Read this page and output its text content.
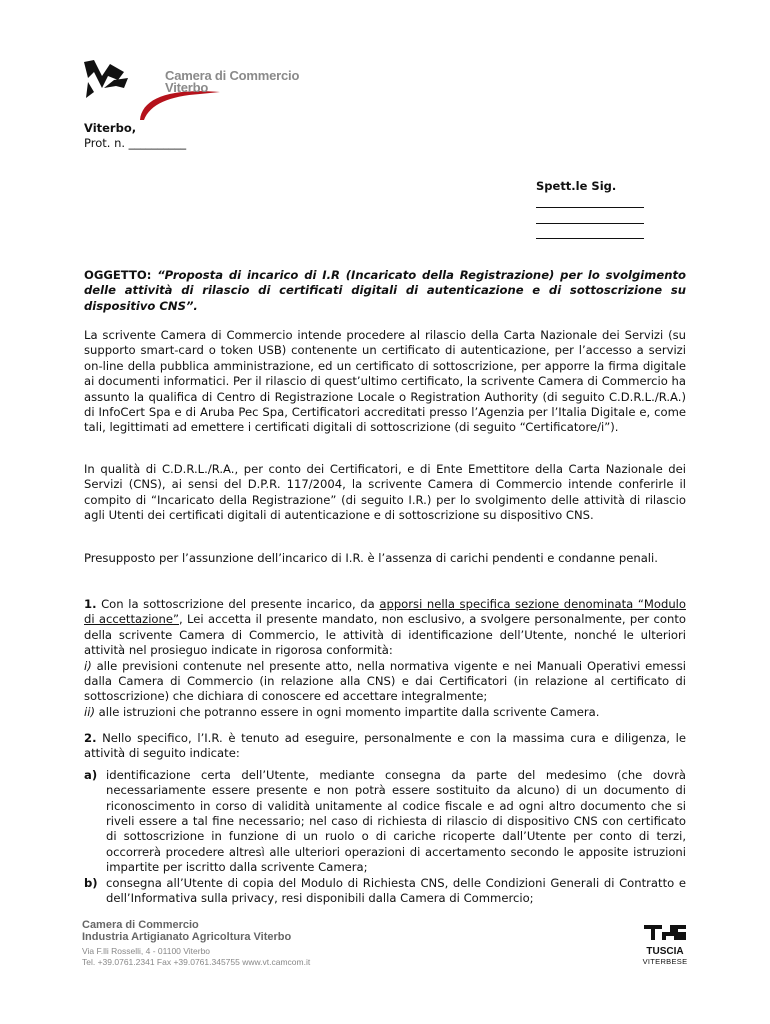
Camera di Commercio
Viterbo
Viterbo,
Prot. n. __________
Spett.le Sig.
OGGETTO: “Proposta di incarico di I.R (Incaricato della Registrazione) per lo svolgimento delle attività di rilascio di certificati digitali di autenticazione e di sottoscrizione su dispositivo CNS”.

La scrivente Camera di Commercio intende procedere al rilascio della Carta Nazionale dei Servizi (su supporto smart-card o token USB) contenente un certificato di autenticazione, per l’accesso a servizi on-line della pubblica amministrazione, ed un certificato di sottoscrizione, per apporre la firma digitale ai documenti informatici. Per il rilascio di quest’ultimo certificato, la scrivente Camera di Commercio ha assunto la qualifica di Centro di Registrazione Locale o Registration Authority (di seguito C.D.R.L./R.A.) di InfoCert Spa e di Aruba Pec Spa, Certificatori accreditati presso l’Agenzia per l’Italia Digitale e, come tali, legittimati ad emettere i certificati digitali di sottoscrizione (di seguito “Certificatore/i”).

In qualità di C.D.R.L./R.A., per conto dei Certificatori, e di Ente Emettitore della Carta Nazionale dei Servizi (CNS), ai sensi del D.P.R. 117/2004, la scrivente Camera di Commercio intende conferirle il compito di “Incaricato della Registrazione” (di seguito I.R.) per lo svolgimento delle attività di rilascio agli Utenti dei certificati digitali di autenticazione e di sottoscrizione su dispositivo CNS.

Presupposto per l’assunzione dell’incarico di I.R. è l’assenza di carichi pendenti e condanne penali.

1. Con la sottoscrizione del presente incarico, da apporsi nella specifica sezione denominata “Modulo di accettazione”, Lei accetta il presente mandato, non esclusivo, a svolgere personalmente, per conto della scrivente Camera di Commercio, le attività di identificazione dell’Utente, nonché le ulteriori attività nel prosieguo indicate in rigorosa conformità:

i) alle previsioni contenute nel presente atto, nella normativa vigente e nei Manuali Operativi emessi dalla Camera di Commercio (in relazione alla CNS) e dai Certificatori (in relazione al certificato di sottoscrizione) che dichiara di conoscere ed accettare integralmente;

ii) alle istruzioni che potranno essere in ogni momento impartite dalla scrivente Camera.

2. Nello specifico, l’I.R. è tenuto ad eseguire, personalmente e con la massima cura e diligenza, le attività di seguito indicate:

a) identificazione certa dell’Utente, mediante consegna da parte del medesimo (che dovrà necessariamente essere presente e non potrà essere sostituito da alcuno) di un documento di riconoscimento in corso di validità unitamente al codice fiscale e ad ogni altro documento che si riveli essere a tal fine necessario; nel caso di richiesta di rilascio di dispositivo CNS con certificato di sottoscrizione in funzione di un ruolo o di cariche ricoperte dall’Utente per conto di terzi, occorrerà procedere altresì alle ulteriori operazioni di accertamento secondo le apposite istruzioni impartite per iscritto dalla scrivente Camera;
b) consegna all’Utente di copia del Modulo di Richiesta CNS, delle Condizioni Generali di Contratto e dell’Informativa sulla privacy, resi disponibili dalla Camera di Commercio;
Camera di Commercio
Industria Artigianato Agricoltura Viterbo
Via F.lli Rosselli, 4 - 01100 Viterbo
Tel. +39.0761.2341 Fax +39.0761.345755 www.vt.camcom.it
TUSCIA
VITERBESE
